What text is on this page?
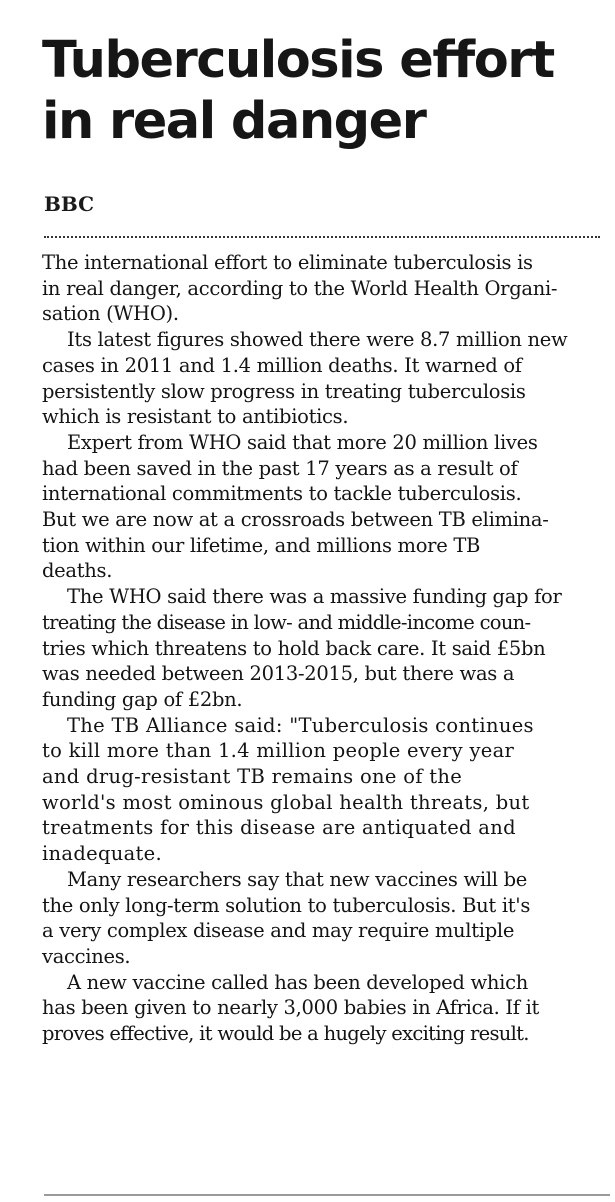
Tuberculosis effort
in real danger
BBC

The international effort to eliminate tuberculosis is
in real danger, according to the World Health Organi-
sation (WHO).

Its latest figures showed there were 8.7 million new
cases in 2011 and 1.4 million deaths. It warned of
persistently slow progress in treating tuberculosis
which is resistant to antibiotics.

Expert from WHO said that more 20 million lives
had been saved in the past 17 years as a result of
international commitments to tackle tuberculosis.
But we are now at a crossroads between TB elimina-
tion within our lifetime, and millions more TB
deaths.

The WHO said there was a massive funding gap for
treating the disease in low- and middle-income coun-
tries which threatens to hold back care. It said £5bn
was needed between 2013-2015, but there was a
funding gap of £2bn.

The TB Alliance said: "Tuberculosis continues
to kill more than 1.4 million people every year
and drug-resistant TB remains one of the
world's most ominous global health threats, but
treatments for this disease are antiquated and
inadequate.

Many researchers say that new vaccines will be
the only long-term solution to tuberculosis. But it's
a very complex disease and may require multiple
vaccines.

A new vaccine called has been developed which
has been given to nearly 3,000 babies in Africa. If it
proves effective, it would be a hugely exciting result.
